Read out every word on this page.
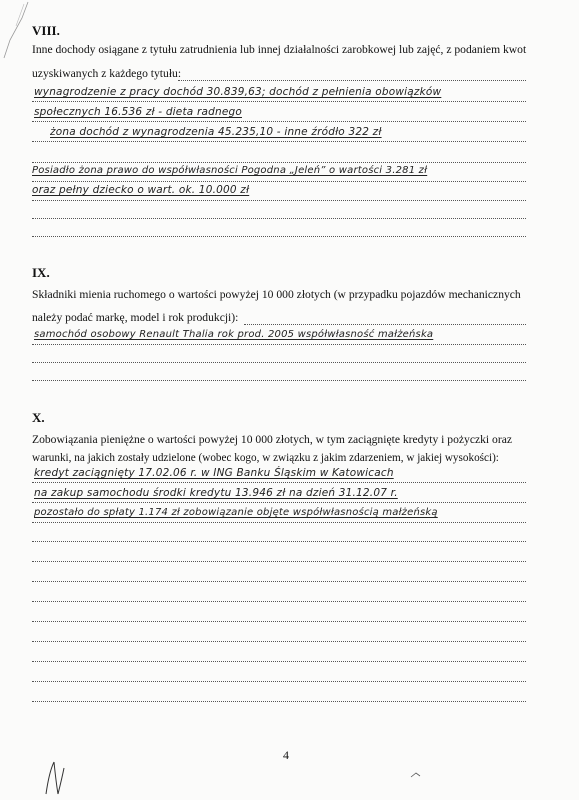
VIII.
Inne dochody osiągane z tytułu zatrudnienia lub innej działalności zarobkowej lub zajęć, z podaniem kwot
uzyskiwanych z każdego tytułu:
wynagrodzenie z pracy dochód 30.839,63; dochód z pełnienia obowiązków
społecznych 16.536 zł - dieta radnego
żona dochód z wynagrodzenia 45.235,10 - inne źródło 322 zł
Posiadło żona prawo do współwłasności Pogodna „Jeleń” o wartości 3.281 zł
oraz pełny dziecko o wart. ok. 10.000 zł
IX.
Składniki mienia ruchomego o wartości powyżej 10 000 złotych (w przypadku pojazdów mechanicznych
należy podać markę, model i rok produkcji):
samochód osobowy Renault Thalia rok prod. 2005 współwłasność małżeńska
X.
Zobowiązania pieniężne o wartości powyżej 10 000 złotych, w tym zaciągnięte kredyty i pożyczki oraz
warunki, na jakich zostały udzielone (wobec kogo, w związku z jakim zdarzeniem, w jakiej wysokości):
kredyt zaciągnięty 17.02.06 r. w ING Banku Śląskim w Katowicach
na zakup samochodu środki kredytu 13.946 zł na dzień 31.12.07 r.
pozostało do spłaty 1.174 zł zobowiązanie objęte współwłasnością małżeńską
4
